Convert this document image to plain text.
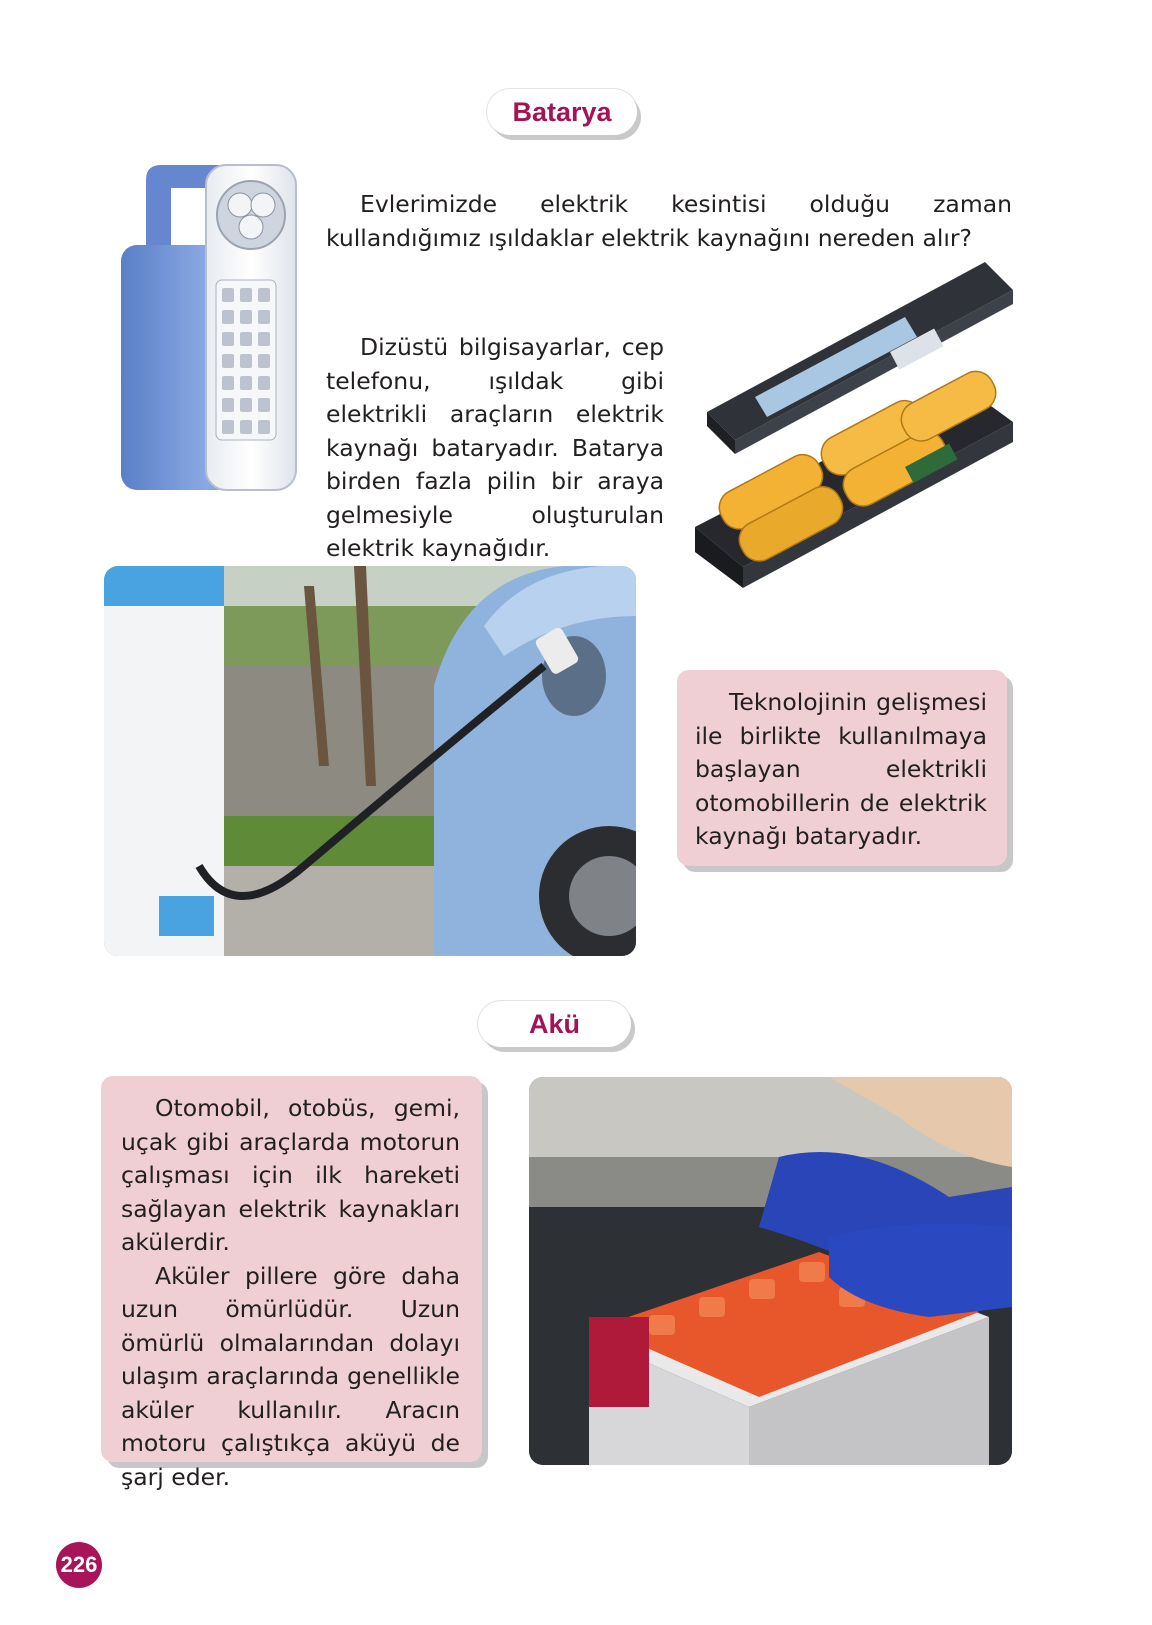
Batarya

Evlerimizde elektrik kesintisi olduğu zaman kullandığımız ışıldaklar elektrik kaynağını nereden alır?

Dizüstü bilgisayarlar, cep telefonu, ışıldak gibi elektrikli araçların elektrik kaynağı bataryadır. Batarya birden fazla pilin bir araya gelmesiyle oluşturulan elektrik kaynağıdır.

Teknolojinin gelişmesi ile birlikte kullanılmaya başlayan elektrikli otomobillerin de elektrik kaynağı bataryadır.

Akü

Otomobil, otobüs, gemi, uçak gibi araçlarda motorun çalışması için ilk hareketi sağlayan elektrik kaynakları akülerdir.

Aküler pillere göre daha uzun ömürlüdür. Uzun ömürlü olmalarından dolayı ulaşım araçlarında genellikle aküler kullanılır. Aracın motoru çalıştıkça aküyü de şarj eder.

226
